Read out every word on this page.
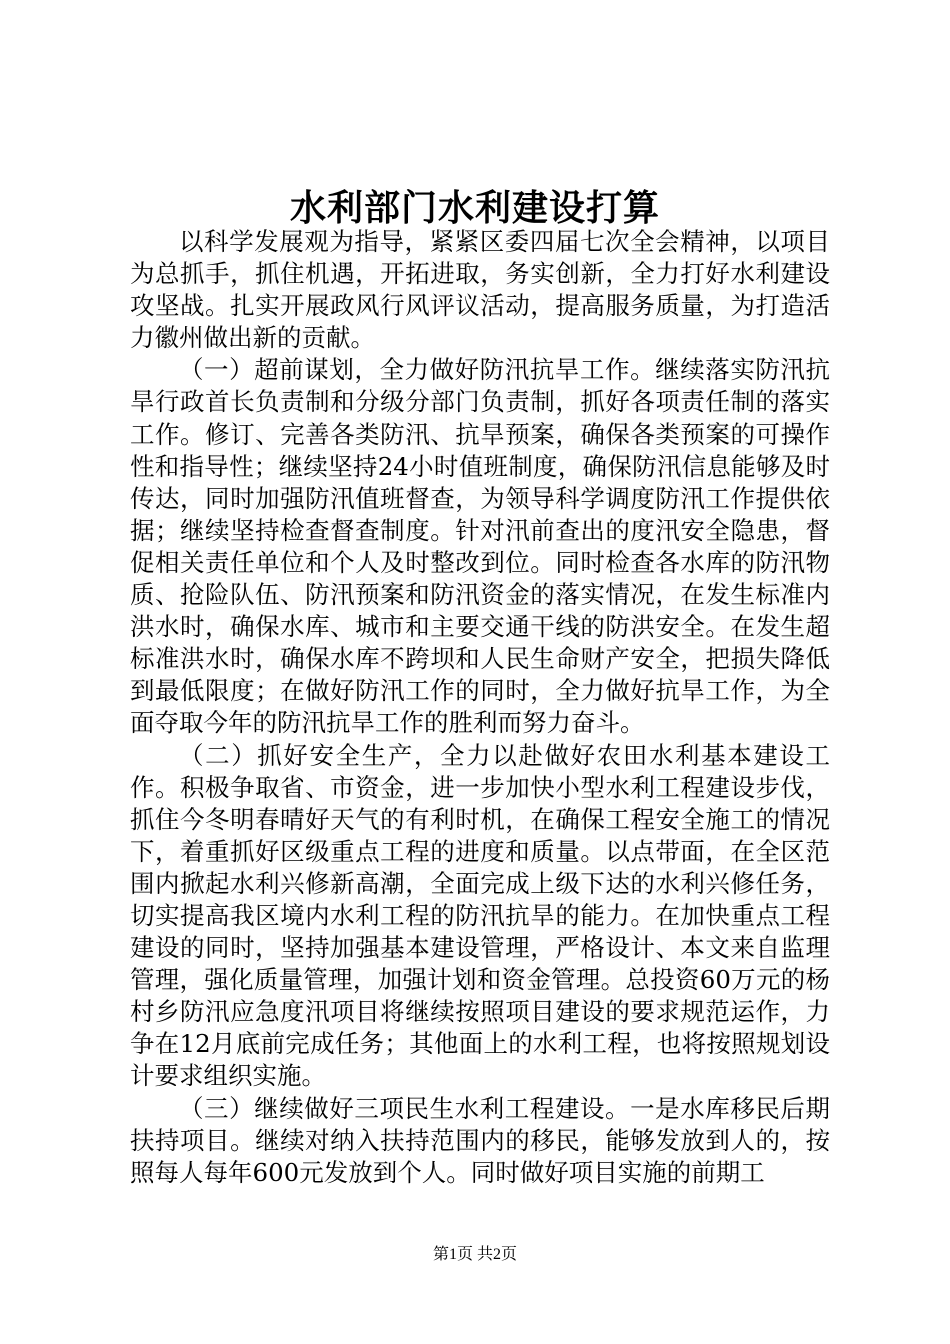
水利部门水利建设打算

以科学发展观为指导，紧紧区委四届七次全会精神，以项目为总抓手，抓住机遇，开拓进取，务实创新，全力打好水利建设攻坚战。扎实开展政风行风评议活动，提高服务质量，为打造活力徽州做出新的贡献。

（一）超前谋划，全力做好防汛抗旱工作。继续落实防汛抗旱行政首长负责制和分级分部门负责制，抓好各项责任制的落实工作。修订、完善各类防汛、抗旱预案，确保各类预案的可操作性和指导性；继续坚持24小时值班制度，确保防汛信息能够及时传达，同时加强防汛值班督查，为领导科学调度防汛工作提供依据；继续坚持检查督查制度。针对汛前查出的度汛安全隐患，督促相关责任单位和个人及时整改到位。同时检查各水库的防汛物质、抢险队伍、防汛预案和防汛资金的落实情况，在发生标准内洪水时，确保水库、城市和主要交通干线的防洪安全。在发生超标准洪水时，确保水库不跨坝和人民生命财产安全，把损失降低到最低限度；在做好防汛工作的同时，全力做好抗旱工作，为全面夺取今年的防汛抗旱工作的胜利而努力奋斗。

（二）抓好安全生产，全力以赴做好农田水利基本建设工作。积极争取省、市资金，进一步加快小型水利工程建设步伐，抓住今冬明春晴好天气的有利时机，在确保工程安全施工的情况下，着重抓好区级重点工程的进度和质量。以点带面，在全区范围内掀起水利兴修新高潮，全面完成上级下达的水利兴修任务，切实提高我区境内水利工程的防汛抗旱的能力。在加快重点工程建设的同时，坚持加强基本建设管理，严格设计、本文来自监理管理，强化质量管理，加强计划和资金管理。总投资60万元的杨村乡防汛应急度汛项目将继续按照项目建设的要求规范运作，力争在12月底前完成任务；其他面上的水利工程，也将按照规划设计要求组织实施。

（三）继续做好三项民生水利工程建设。一是水库移民后期扶持项目。继续对纳入扶持范围内的移民，能够发放到人的，按照每人每年600元发放到个人。同时做好项目实施的前期工

第1页 共2页
